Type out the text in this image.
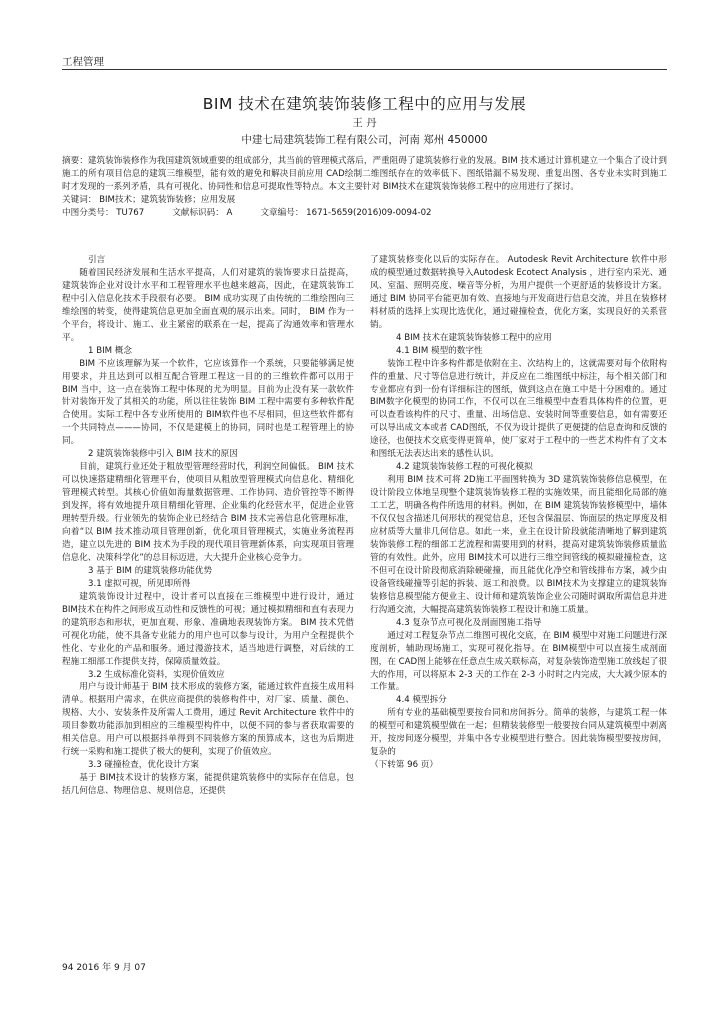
工程管理
BIM 技术在建筑装饰装修工程中的应用与发展
王 丹
中建七局建筑装饰工程有限公司，河南 郑州 450000

摘要：建筑装饰装修作为我国建筑领域重要的组成部分，其当前的管理模式落后，严重阻碍了建筑装修行业的发展。BIM 技术通过计算机建立一个集合了设计到施工的所有项目信息的建筑三维模型，能有效的避免和解决目前应用 CAD绘制二维图纸存在的效率低下、图纸错漏不易发现、重复出图、各专业未实时到施工时才发现的一系列矛盾，具有可视化、协同性和信息可提取性等特点。本文主要针对 BIM技术在建筑装饰装修工程中的应用进行了探讨。

关键词： BIM技术；建筑装饰装修；应用发展

中图分类号： TU767	文献标识码： A	文章编号： 1671-5659(2016)09-0094-02

引言

随着国民经济发展和生活水平提高，人们对建筑的装饰要求日益提高，建筑装饰企业对设计水平和工程管理水平也越来越高，因此，在建筑装饰工程中引入信息化技术手段很有必要。 BIM 成功实现了由传统的二维绘图向三维绘图的转变，使得建筑信息更加全面直观的展示出来。同时， BIM 作为一个平台，将设计、施工、业主紧密的联系在一起，提高了沟通效率和管理水平。

1 BIM 概念

BIM 不应该理解为某一个软件，它应该算作一个系统，只要能够满足使用要求，并且达到可以相互配合管理工程这一目的的三维软件都可以用于 BIM 当中，这一点在装饰工程中体现的尤为明显。目前为止没有某一款软件针对装饰开发了其相关的功能，所以往往装饰 BIM 工程中需要有多种软件配合使用。实际工程中各专业所使用的 BIM软件也不尽相同，但这些软件都有一个共同特点———协同，不仅是建模上的协同，同时也是工程管理上的协同。

2 建筑装饰装修中引入 BIM 技术的原因

目前，建筑行业还处于粗放型管理经营时代，利润空间偏低。 BIM 技术可以快速搭建精细化管理平台，使项目从粗放型管理模式向信息化、精细化管理模式转型。其核心价值如海量数据管理、工作协同、造价管控等不断得到发挥，将有效地提升项目精细化管理、企业集约化经营水平，促进企业管理转型升级。行业领先的装饰企业已经结合 BIM 技术完善信息化管理标准，向着“以 BIM 技术推动项目管理创新，优化项目管理模式，实施业务流程再造，建立以先进的 BIM 技术为手段的现代项目管理新体系，向实现项目管理信息化、决策科学化”的总目标迈进，大大提升企业核心竞争力。

3 基于 BIM 的建筑装修功能优势

3.1 虚拟可视，所见即所得

建筑装饰设计过程中，设计者可以直接在三维模型中进行设计，通过 BIM技术在构件之间形成互动性和反馈性的可视；通过模拟精细和直有表现力的建筑形态和形状，更加直观、形象、准确地表现装饰方案。 BIM 技术凭借可视化功能，使不具备专业能力的用户也可以参与设计，为用户全程提供个性化、专业化的产品和服务。通过漫游技术，适当地进行调整，对后续的工程施工细部工作提供支持，保障质量效益。

3.2 生成标准化资料，实现价值效应

用户与设计师基于 BIM 技术形成的装修方案，能通过软件直接生成用料清单。根据用户需求，在供应商提供的装修构件中，对厂家、质量、颜色、规格、大小、安装条件及所需人工费用，通过 Revit Architecture 软件中的项目参数功能添加到相应的三维模型构件中，以便不同的参与者获取需要的相关信息。用户可以根据抖单得到不同装修方案的预算成本，这也为后期进行统一采购和施工提供了极大的便利，实现了价值效应。

3.3 碰撞检查，优化设计方案

基于 BIM技术设计的装修方案，能提供建筑装修中的实际存在信息，包括几何信息、物理信息、规则信息，还提供

了建筑装修变化以后的实际存在。 Autodesk Revit Architecture 软件中形成的模型通过数据转换导入Autodesk Ecotect Analysis ，进行室内采光、通风、室温、照明亮度、噪音等分析，为用户提供一个更舒适的装修设计方案。通过 BIM 协同平台能更加有效、直接地与开发商进行信息交流，并且在装修材料材质的选择上实现比选优化，通过碰撞检查，优化方案，实现良好的关系营销。

4 BIM 技术在建筑装饰装修工程中的应用

4.1 BIM 模型的数字性

装饰工程中许多构件都是依附在主、次结构上的，这就需要对每个依附构件的重量、尺寸等信息进行统计，并反应在二维图纸中标注，每个相关部门和专业都应有到一份有详细标注的图纸，做到这点在施工中是十分困难的。通过 BIM数字化模型的协同工作，不仅可以在三维模型中查看具体构件的位置，更可以查看该构件的尺寸、重量、出场信息、安装时间等重要信息，如有需要还可以导出成文本或者 CAD图纸，不仅为设计提供了更便捷的信息查询和反馈的途径，也便技术交底变得更简单，使厂家对于工程中的一些艺术构件有了文本和图纸无法表达出来的感性认识。

4.2 建筑装饰装修工程的可视化模拟

利用 BIM 技术可将 2D施工平面图转换为 3D 建筑装饰装修信息模型，在设计阶段立体地呈现整个建筑装饰装修工程的实施效果，而且能细化局部的施工工艺，明确各构件所选用的材料。例如，在 BIM 建筑装饰装修模型中，墙体不仅仅包含描述几何形状的视觉信息，还包含保温层、饰面层的热定厚度及相应材质等大量非几何信息。如此一来，业主在设计阶段就能清晰地了解到建筑装饰装修工程的细部工艺流程和需要用到的材料，提高对建筑装饰装修质量监管的有效性。此外，应用 BIM技术可以进行三维空间管线的模拟碰撞检查，这不但可在设计阶段彻底消除硬碰撞，而且能优化净空和管线排布方案，减少由设备管线碰撞等引起的拆装、返工和浪费。以 BIM技术为支撑建立的建筑装饰装修信息模型能方便业主、设计师和建筑装饰企业公司随时调取所需信息并进行沟通交流，大幅提高建筑装饰装修工程设计和施工质量。

4.3 复杂节点可视化及剖面图施工指导

通过对工程复杂节点二维图可视化交底，在 BIM 模型中对施工问题进行深度剖析，辅助现场施工，实现可视化指导。在 BIM模型中可以直接生成剖面图，在 CAD图上能够在任意点生成关联标高，对复杂装饰造型施工放线起了很大的作用，可以将原本 2-3 天的工作在 2-3 小时时之内完成，大大减少原本的工作量。

4.4 模型拆分

所有专业的基础模型要按台同和房间拆分。简单的装修，与建筑工程一体的模型可和建筑模型做在一起；但精装装修型一般要按台同从建筑模型中剥离开，按房间逐分模型，并集中各专业模型进行整合。因此装饰模型要按房间，复杂的

（下转第 96 页）

94 2016 年 9 月 07
